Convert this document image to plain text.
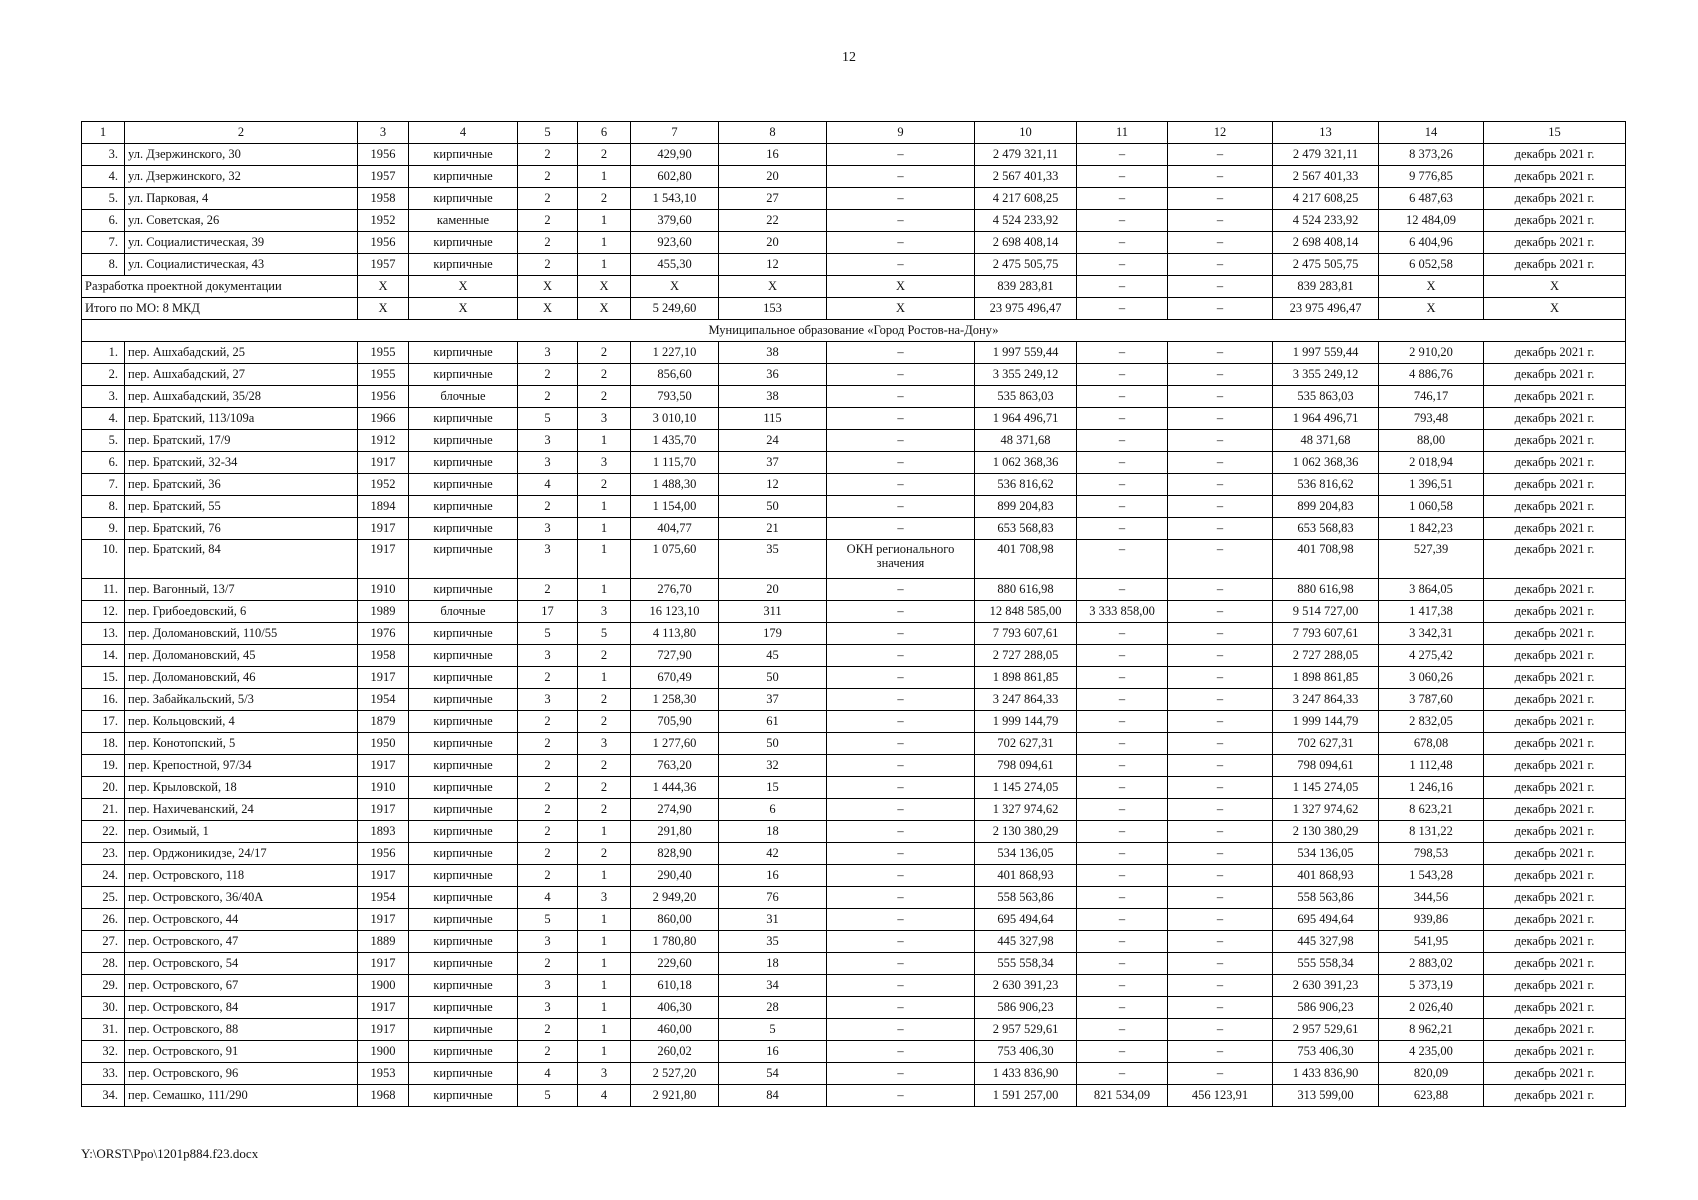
12
1	2	3	4	5	6	7	8	9	10	11	12	13	14	15
3.	ул. Дзержинского, 30	1956	кирпичные	2	2	429,90	16	–	2 479 321,11	–	–	2 479 321,11	8 373,26	декабрь 2021 г.
4.	ул. Дзержинского, 32	1957	кирпичные	2	1	602,80	20	–	2 567 401,33	–	–	2 567 401,33	9 776,85	декабрь 2021 г.
5.	ул. Парковая, 4	1958	кирпичные	2	2	1 543,10	27	–	4 217 608,25	–	–	4 217 608,25	6 487,63	декабрь 2021 г.
6.	ул. Советская, 26	1952	каменные	2	1	379,60	22	–	4 524 233,92	–	–	4 524 233,92	12 484,09	декабрь 2021 г.
7.	ул. Социалистическая, 39	1956	кирпичные	2	1	923,60	20	–	2 698 408,14	–	–	2 698 408,14	6 404,96	декабрь 2021 г.
8.	ул. Социалистическая, 43	1957	кирпичные	2	1	455,30	12	–	2 475 505,75	–	–	2 475 505,75	6 052,58	декабрь 2021 г.
Разработка проектной документации		X	X	X	X	X	X	X	839 283,81	–	–	839 283,81	X	X
Итого по МО: 8 МКД		X	X	X	X	5 249,60	153	X	23 975 496,47	–	–	23 975 496,47	X	X
Муниципальное образование «Город Ростов-на-Дону»														
1.	пер. Ашхабадский, 25	1955	кирпичные	3	2	1 227,10	38	–	1 997 559,44	–	–	1 997 559,44	2 910,20	декабрь 2021 г.
2.	пер. Ашхабадский, 27	1955	кирпичные	2	2	856,60	36	–	3 355 249,12	–	–	3 355 249,12	4 886,76	декабрь 2021 г.
3.	пер. Ашхабадский, 35/28	1956	блочные	2	2	793,50	38	–	535 863,03	–	–	535 863,03	746,17	декабрь 2021 г.
4.	пер. Братский, 113/109а	1966	кирпичные	5	3	3 010,10	115	–	1 964 496,71	–	–	1 964 496,71	793,48	декабрь 2021 г.
5.	пер. Братский, 17/9	1912	кирпичные	3	1	1 435,70	24	–	48 371,68	–	–	48 371,68	88,00	декабрь 2021 г.
6.	пер. Братский, 32-34	1917	кирпичные	3	3	1 115,70	37	–	1 062 368,36	–	–	1 062 368,36	2 018,94	декабрь 2021 г.
7.	пер. Братский, 36	1952	кирпичные	4	2	1 488,30	12	–	536 816,62	–	–	536 816,62	1 396,51	декабрь 2021 г.
8.	пер. Братский, 55	1894	кирпичные	2	1	1 154,00	50	–	899 204,83	–	–	899 204,83	1 060,58	декабрь 2021 г.
9.	пер. Братский, 76	1917	кирпичные	3	1	404,77	21	–	653 568,83	–	–	653 568,83	1 842,23	декабрь 2021 г.
10.	пер. Братский, 84	1917	кирпичные	3	1	1 075,60	35	ОКН регионального значения	401 708,98	–	–	401 708,98	527,39	декабрь 2021 г.
11.	пер. Вагонный, 13/7	1910	кирпичные	2	1	276,70	20	–	880 616,98	–	–	880 616,98	3 864,05	декабрь 2021 г.
12.	пер. Грибоедовский, 6	1989	блочные	17	3	16 123,10	311	–	12 848 585,00	3 333 858,00	–	9 514 727,00	1 417,38	декабрь 2021 г.
13.	пер. Доломановский, 110/55	1976	кирпичные	5	5	4 113,80	179	–	7 793 607,61	–	–	7 793 607,61	3 342,31	декабрь 2021 г.
14.	пер. Доломановский, 45	1958	кирпичные	3	2	727,90	45	–	2 727 288,05	–	–	2 727 288,05	4 275,42	декабрь 2021 г.
15.	пер. Доломановский, 46	1917	кирпичные	2	1	670,49	50	–	1 898 861,85	–	–	1 898 861,85	3 060,26	декабрь 2021 г.
16.	пер. Забайкальский, 5/3	1954	кирпичные	3	2	1 258,30	37	–	3 247 864,33	–	–	3 247 864,33	3 787,60	декабрь 2021 г.
17.	пер. Кольцовский, 4	1879	кирпичные	2	2	705,90	61	–	1 999 144,79	–	–	1 999 144,79	2 832,05	декабрь 2021 г.
18.	пер. Конотопский, 5	1950	кирпичные	2	3	1 277,60	50	–	702 627,31	–	–	702 627,31	678,08	декабрь 2021 г.
19.	пер. Крепостной, 97/34	1917	кирпичные	2	2	763,20	32	–	798 094,61	–	–	798 094,61	1 112,48	декабрь 2021 г.
20.	пер. Крыловской, 18	1910	кирпичные	2	2	1 444,36	15	–	1 145 274,05	–	–	1 145 274,05	1 246,16	декабрь 2021 г.
21.	пер. Нахичеванский, 24	1917	кирпичные	2	2	274,90	6	–	1 327 974,62	–	–	1 327 974,62	8 623,21	декабрь 2021 г.
22.	пер. Озимый, 1	1893	кирпичные	2	1	291,80	18	–	2 130 380,29	–	–	2 130 380,29	8 131,22	декабрь 2021 г.
23.	пер. Орджоникидзе, 24/17	1956	кирпичные	2	2	828,90	42	–	534 136,05	–	–	534 136,05	798,53	декабрь 2021 г.
24.	пер. Островского, 118	1917	кирпичные	2	1	290,40	16	–	401 868,93	–	–	401 868,93	1 543,28	декабрь 2021 г.
25.	пер. Островского, 36/40А	1954	кирпичные	4	3	2 949,20	76	–	558 563,86	–	–	558 563,86	344,56	декабрь 2021 г.
26.	пер. Островского, 44	1917	кирпичные	5	1	860,00	31	–	695 494,64	–	–	695 494,64	939,86	декабрь 2021 г.
27.	пер. Островского, 47	1889	кирпичные	3	1	1 780,80	35	–	445 327,98	–	–	445 327,98	541,95	декабрь 2021 г.
28.	пер. Островского, 54	1917	кирпичные	2	1	229,60	18	–	555 558,34	–	–	555 558,34	2 883,02	декабрь 2021 г.
29.	пер. Островского, 67	1900	кирпичные	3	1	610,18	34	–	2 630 391,23	–	–	2 630 391,23	5 373,19	декабрь 2021 г.
30.	пер. Островского, 84	1917	кирпичные	3	1	406,30	28	–	586 906,23	–	–	586 906,23	2 026,40	декабрь 2021 г.
31.	пер. Островского, 88	1917	кирпичные	2	1	460,00	5	–	2 957 529,61	–	–	2 957 529,61	8 962,21	декабрь 2021 г.
32.	пер. Островского, 91	1900	кирпичные	2	1	260,02	16	–	753 406,30	–	–	753 406,30	4 235,00	декабрь 2021 г.
33.	пер. Островского, 96	1953	кирпичные	4	3	2 527,20	54	–	1 433 836,90	–	–	1 433 836,90	820,09	декабрь 2021 г.
34.	пер. Семашко, 111/290	1968	кирпичные	5	4	2 921,80	84	–	1 591 257,00	821 534,09	456 123,91	313 599,00	623,88	декабрь 2021 г.
Y:\ORST\Ppo\1201p884.f23.docx
